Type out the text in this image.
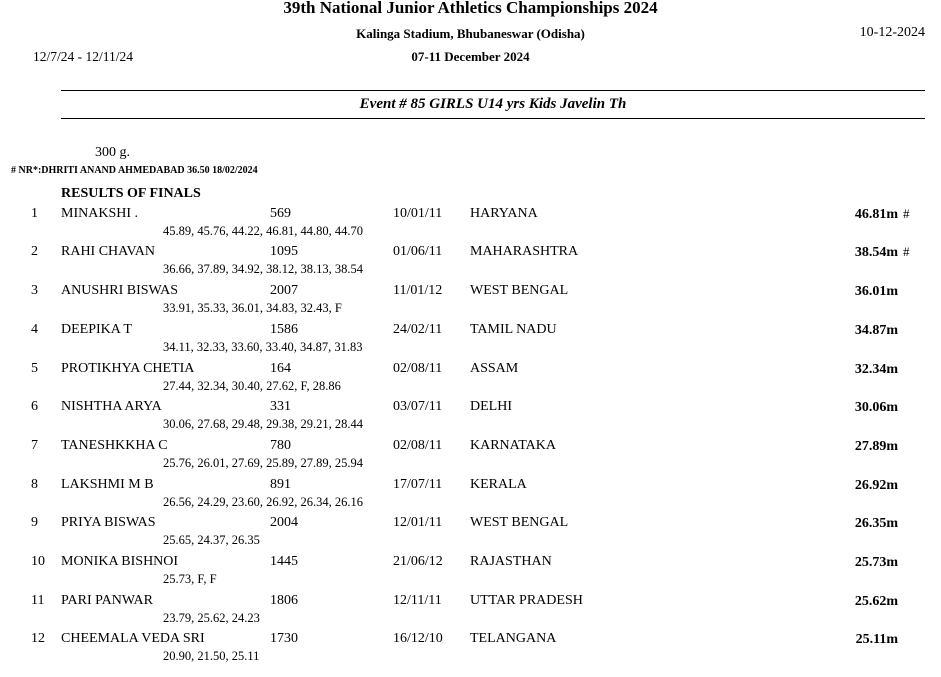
39th National Junior Athletics Championships 2024
Kalinga Stadium, Bhubaneswar (Odisha)	10-12-2024
12/7/24 - 12/11/24	07-11 December 2024
Event # 85 GIRLS U14 yrs Kids Javelin Th
300 g.
# NR*:DHRITI ANAND AHMEDABAD 36.50 18/02/2024
RESULTS OF FINALS
1 MINAKSHI .	569	10/01/11 HARYANA	46.81m #
45.89, 45.76, 44.22, 46.81, 44.80, 44.70
2 RAHI CHAVAN	1095	01/06/11 MAHARASHTRA	38.54m #
36.66, 37.89, 34.92, 38.12, 38.13, 38.54
3 ANUSHRI BISWAS	2007	11/01/12 WEST BENGAL	36.01m
33.91, 35.33, 36.01, 34.83, 32.43, F
4 DEEPIKA T	1586	24/02/11 TAMIL NADU	34.87m
34.11, 32.33, 33.60, 33.40, 34.87, 31.83
5 PROTIKHYA CHETIA	164	02/08/11 ASSAM	32.34m
27.44, 32.34, 30.40, 27.62, F, 28.86
6 NISHTHA ARYA	331	03/07/11 DELHI	30.06m
30.06, 27.68, 29.48, 29.38, 29.21, 28.44
7 TANESHKKHA C	780	02/08/11 KARNATAKA	27.89m
25.76, 26.01, 27.69, 25.89, 27.89, 25.94
8 LAKSHMI M B	891	17/07/11 KERALA	26.92m
26.56, 24.29, 23.60, 26.92, 26.34, 26.16
9 PRIYA BISWAS	2004	12/01/11 WEST BENGAL	26.35m
25.65, 24.37, 26.35
10 MONIKA BISHNOI	1445	21/06/12 RAJASTHAN	25.73m
25.73, F, F
11 PARI PANWAR	1806	12/11/11 UTTAR PRADESH	25.62m
23.79, 25.62, 24.23
12 CHEEMALA VEDA SRI	1730	16/12/10 TELANGANA	25.11m
20.90, 21.50, 25.11
